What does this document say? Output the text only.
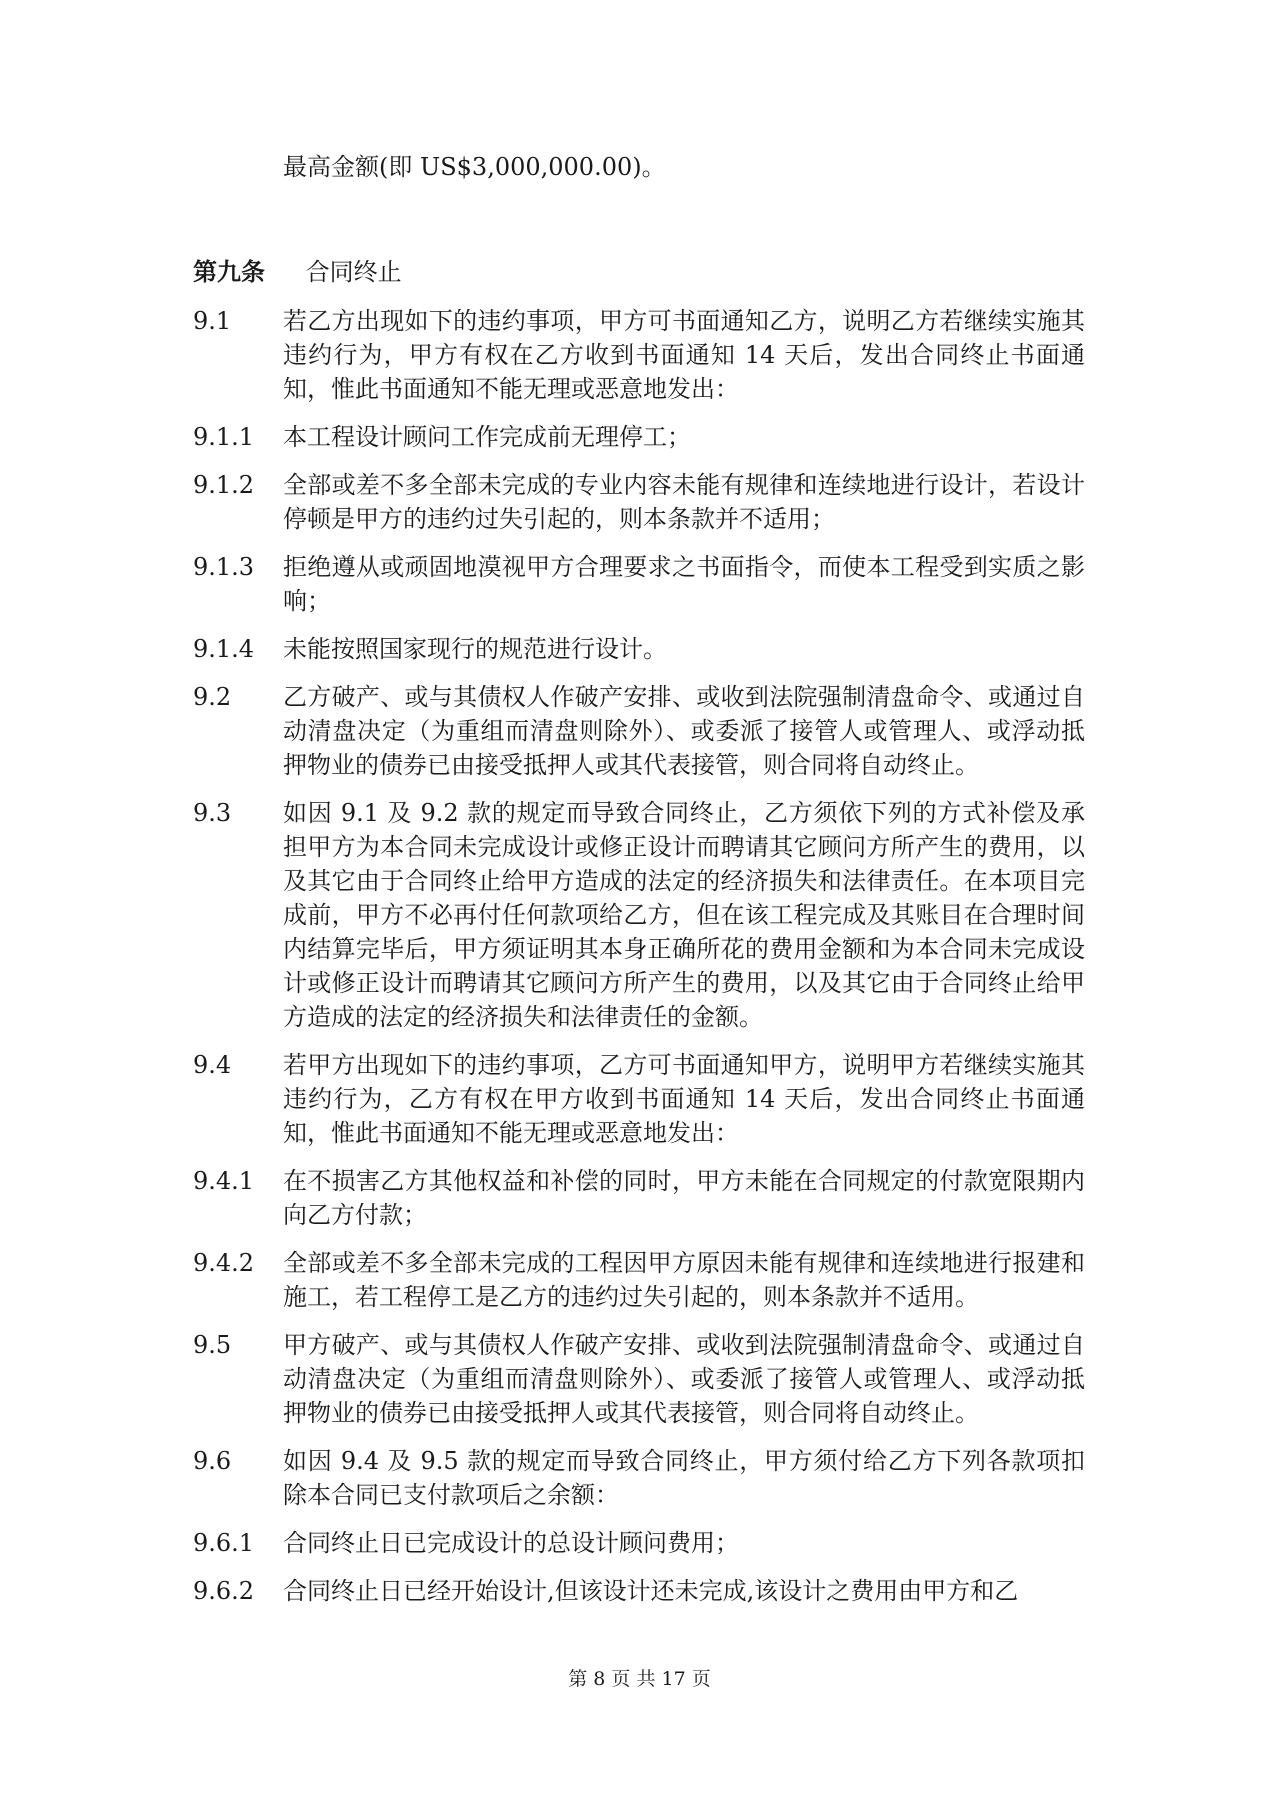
最高金额(即 US$3,000,000.00)。
第九条 合同终止
9.1	若乙方出现如下的违约事项，甲方可书面通知乙方，说明乙方若继续实施其违约行为，甲方有权在乙方收到书面通知 14 天后，发出合同终止书面通知，惟此书面通知不能无理或恶意地发出：
9.1.1	本工程设计顾问工作完成前无理停工；
9.1.2	全部或差不多全部未完成的专业内容未能有规律和连续地进行设计，若设计停顿是甲方的违约过失引起的，则本条款并不适用；
9.1.3	拒绝遵从或顽固地漠视甲方合理要求之书面指令，而使本工程受到实质之影响；
9.1.4	未能按照国家现行的规范进行设计。
9.2	乙方破产、或与其债权人作破产安排、或收到法院强制清盘命令、或通过自动清盘决定（为重组而清盘则除外）、或委派了接管人或管理人、或浮动抵押物业的债券已由接受抵押人或其代表接管，则合同将自动终止。
9.3	如因 9.1 及 9.2 款的规定而导致合同终止，乙方须依下列的方式补偿及承担甲方为本合同未完成设计或修正设计而聘请其它顾问方所产生的费用，以及其它由于合同终止给甲方造成的法定的经济损失和法律责任。在本项目完成前，甲方不必再付任何款项给乙方，但在该工程完成及其账目在合理时间内结算完毕后，甲方须证明其本身正确所花的费用金额和为本合同未完成设计或修正设计而聘请其它顾问方所产生的费用，以及其它由于合同终止给甲方造成的法定的经济损失和法律责任的金额。
9.4	若甲方出现如下的违约事项，乙方可书面通知甲方，说明甲方若继续实施其违约行为，乙方有权在甲方收到书面通知 14 天后，发出合同终止书面通知，惟此书面通知不能无理或恶意地发出：
9.4.1	在不损害乙方其他权益和补偿的同时，甲方未能在合同规定的付款宽限期内向乙方付款；
9.4.2	全部或差不多全部未完成的工程因甲方原因未能有规律和连续地进行报建和施工，若工程停工是乙方的违约过失引起的，则本条款并不适用。
9.5	甲方破产、或与其债权人作破产安排、或收到法院强制清盘命令、或通过自动清盘决定（为重组而清盘则除外）、或委派了接管人或管理人、或浮动抵押物业的债券已由接受抵押人或其代表接管，则合同将自动终止。
9.6	如因 9.4 及 9.5 款的规定而导致合同终止，甲方须付给乙方下列各款项扣除本合同已支付款项后之余额：
9.6.1	合同终止日已完成设计的总设计顾问费用；
9.6.2	合同终止日已经开始设计,但该设计还未完成,该设计之费用由甲方和乙
第 8 页 共 17 页
